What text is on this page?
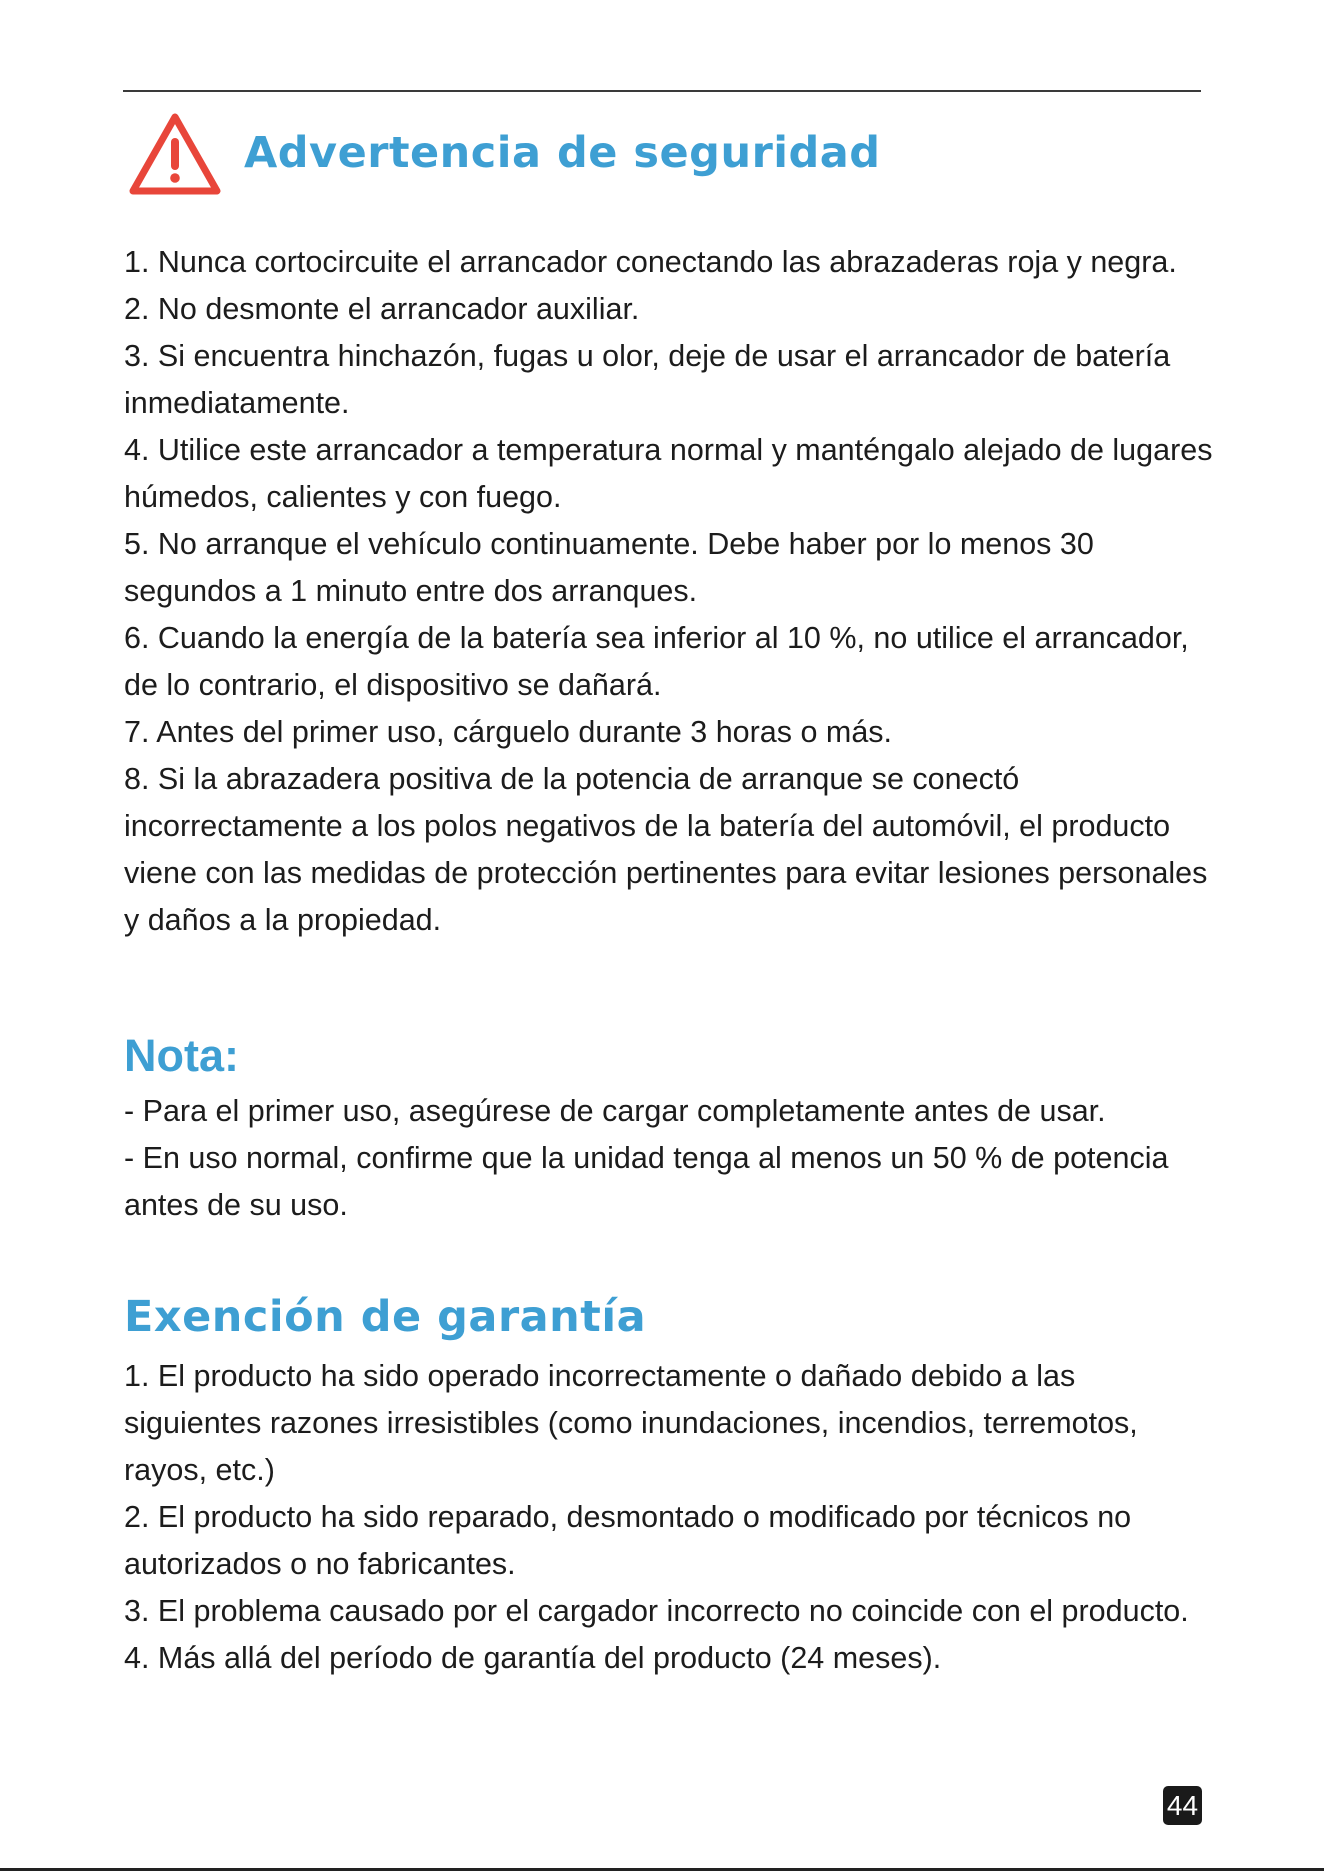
Advertencia de seguridad
1. Nunca cortocircuite el arrancador conectando las abrazaderas roja y negra.
2. No desmonte el arrancador auxiliar.
3. Si encuentra hinchazón, fugas u olor, deje de usar el arrancador de batería inmediatamente.
4. Utilice este arrancador a temperatura normal y manténgalo alejado de lugares húmedos, calientes y con fuego.
5. No arranque el vehículo continuamente. Debe haber por lo menos 30 segundos a 1 minuto entre dos arranques.
6. Cuando la energía de la batería sea inferior al 10 %, no utilice el arrancador, de lo contrario, el dispositivo se dañará.
7. Antes del primer uso, cárguelo durante 3 horas o más.
8. Si la abrazadera positiva de la potencia de arranque se conectó incorrectamente a los polos negativos de la batería del automóvil, el producto viene con las medidas de protección pertinentes para evitar lesiones personales y daños a la propiedad.
Nota:
- Para el primer uso, asegúrese de cargar completamente antes de usar.
- En uso normal, confirme que la unidad tenga al menos un 50 % de potencia antes de su uso.
Exención de garantía
1. El producto ha sido operado incorrectamente o dañado debido a las siguientes razones irresistibles (como inundaciones, incendios, terremotos, rayos, etc.)
2. El producto ha sido reparado, desmontado o modificado por técnicos no autorizados o no fabricantes.
3. El problema causado por el cargador incorrecto no coincide con el producto.
4. Más allá del período de garantía del producto (24 meses).
44
